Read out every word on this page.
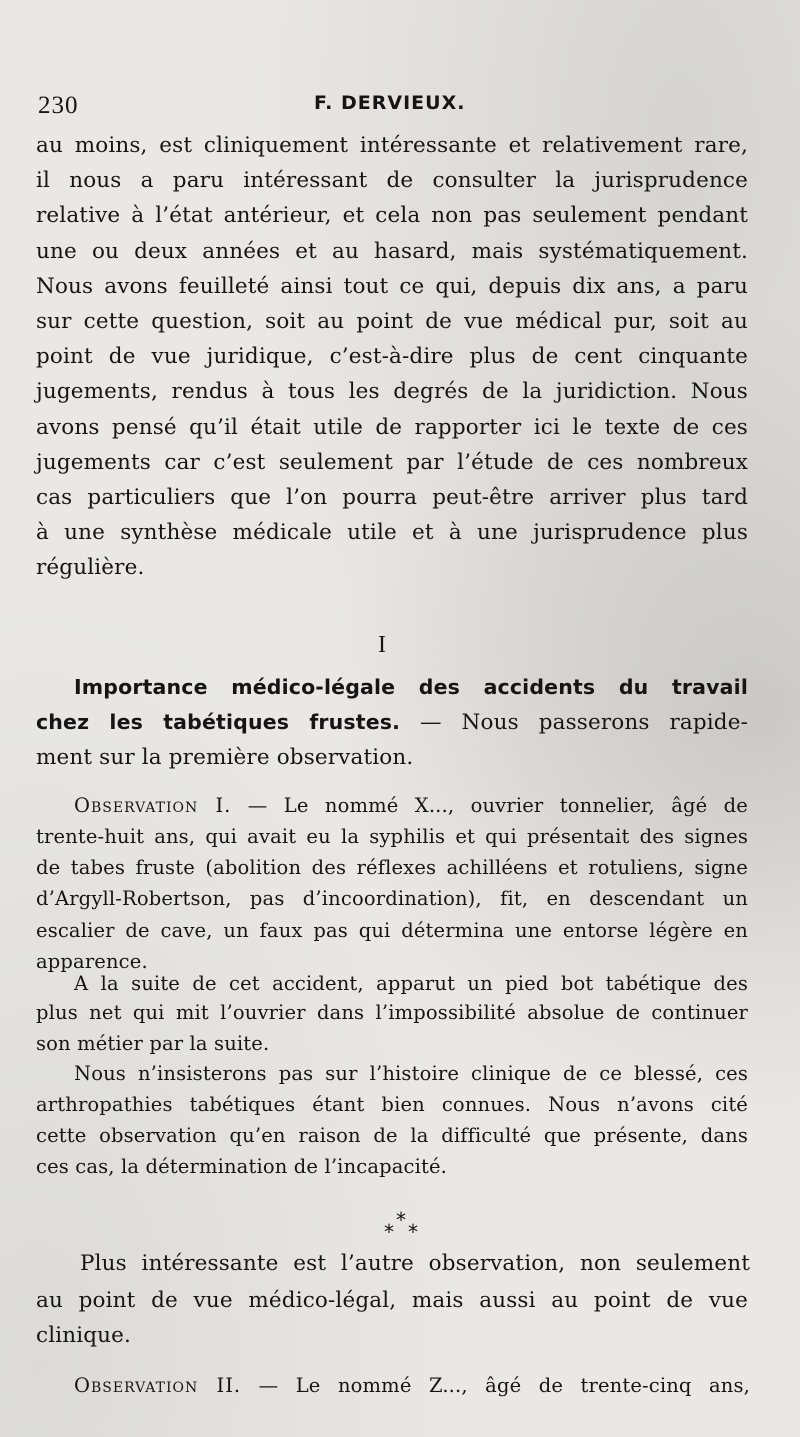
230	F. DERVIEUX.
au moins, est cliniquement intéressante et relativement rare,
il nous a paru intéressant de consulter la jurisprudence
relative à l’état antérieur, et cela non pas seulement pendant
une ou deux années et au hasard, mais systématiquement.
Nous avons feuilleté ainsi tout ce qui, depuis dix ans, a paru
sur cette question, soit au point de vue médical pur, soit au
point de vue juridique, c’est-à-dire plus de cent cinquante
jugements, rendus à tous les degrés de la juridiction. Nous
avons pensé qu’il était utile de rapporter ici le texte de ces
jugements car c’est seulement par l’étude de ces nombreux
cas particuliers que l’on pourra peut-être arriver plus tard
à une synthèse médicale utile et à une jurisprudence plus
régulière.
I
Importance médico-légale des accidents du travail
chez les tabétiques frustes. — Nous passerons rapide-
ment sur la première observation.
Observation I. — Le nommé X..., ouvrier tonnelier, âgé de
trente-huit ans, qui avait eu la syphilis et qui présentait des signes
de tabes fruste (abolition des réflexes achilléens et rotuliens, signe
d’Argyll-Robertson, pas d’incoordination), fit, en descendant un
escalier de cave, un faux pas qui détermina une entorse légère en
apparence.
A la suite de cet accident, apparut un pied bot tabétique des
plus net qui mit l’ouvrier dans l’impossibilité absolue de continuer
son métier par la suite.
Nous n’insisterons pas sur l’histoire clinique de ce blessé, ces
arthropathies tabétiques étant bien connues. Nous n’avons cité
cette observation qu’en raison de la difficulté que présente, dans
ces cas, la détermination de l’incapacité.
*
* *
Plus intéressante est l’autre observation, non seulement
au point de vue médico-légal, mais aussi au point de vue
clinique.
Observation II. — Le nommé Z..., âgé de trente-cinq ans,
